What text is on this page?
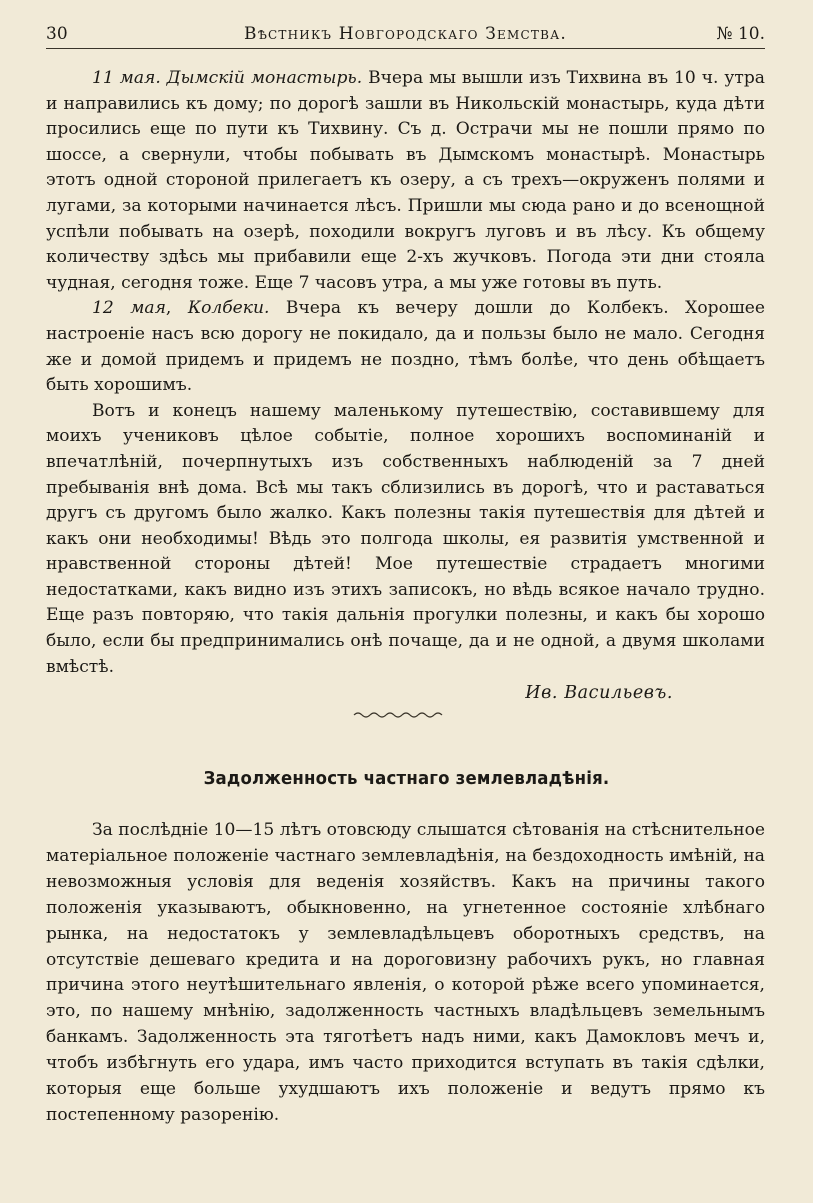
30	Вѣстникъ Новгородскаго Земства.	№ 10.

11 мая. Дымскій монастырь. Вчера мы вышли изъ Тихвина въ 10 ч. утра и направились къ дому; по дорогѣ зашли въ Никольскій монастырь, куда дѣти просились еще по пути къ Тихвину. Съ д. Острачи мы не пошли прямо по шоссе, а свернули, чтобы побывать въ Дымскомъ монастырѣ. Монастырь этотъ одной стороной прилегаетъ къ озеру, а съ трехъ—окруженъ полями и лугами, за которыми начинается лѣсъ. Пришли мы сюда рано и до всенощной успѣли побывать на озерѣ, походили вокругъ луговъ и въ лѣсу. Къ общему количеству здѣсь мы прибавили еще 2-хъ жучковъ. Погода эти дни стояла чудная, сегодня тоже. Еще 7 часовъ утра, а мы уже готовы въ путь.

12 мая, Колбеки. Вчера къ вечеру дошли до Колбекъ. Хорошее настроеніе насъ всю дорогу не покидало, да и пользы было не мало. Сегодня же и домой придемъ и придемъ не поздно, тѣмъ болѣе, что день обѣщаетъ быть хорошимъ.

Вотъ и конецъ нашему маленькому путешествію, составившему для моихъ учениковъ цѣлое событіе, полное хорошихъ воспоминаній и впечатлѣній, почерпнутыхъ изъ собственныхъ наблюденій за 7 дней пребыванія внѣ дома. Всѣ мы такъ сблизились въ дорогѣ, что и раставаться другъ съ другомъ было жалко. Какъ полезны такія путешествія для дѣтей и какъ они необходимы! Вѣдь это полгода школы, ея развитія умственной и нравственной стороны дѣтей! Мое путешествіе страдаетъ многими недостатками, какъ видно изъ этихъ записокъ, но вѣдь всякое начало трудно. Еще разъ повторяю, что такія дальнія прогулки полезны, и какъ бы хорошо было, если бы предпринимались онѣ почаще, да и не одной, а двумя школами вмѣстѣ.

Ив. Васильевъ.
Задолженность частнаго землевладѣнія.

За послѣдніе 10—15 лѣтъ отовсюду слышатся сѣтованія на стѣснительное матеріальное положеніе частнаго землевладѣнія, на бездоходность имѣній, на невозможныя условія для веденія хозяйствъ. Какъ на причины такого положенія указываютъ, обыкновенно, на угнетенное состояніе хлѣбнаго рынка, на недостатокъ у землевладѣльцевъ оборотныхъ средствъ, на отсутствіе дешеваго кредита и на дороговизну рабочихъ рукъ, но главная причина этого неутѣшительнаго явленія, о которой рѣже всего упоминается, это, по нашему мнѣнію, задолженность частныхъ владѣльцевъ земельнымъ банкамъ. Задолженность эта тяготѣетъ надъ ними, какъ Дамокловъ мечъ и, чтобъ избѣгнуть его удара, имъ часто приходится вступать въ такія сдѣлки, которыя еще больше ухудшаютъ ихъ положеніе и ведутъ прямо къ постепенному разоренію.
